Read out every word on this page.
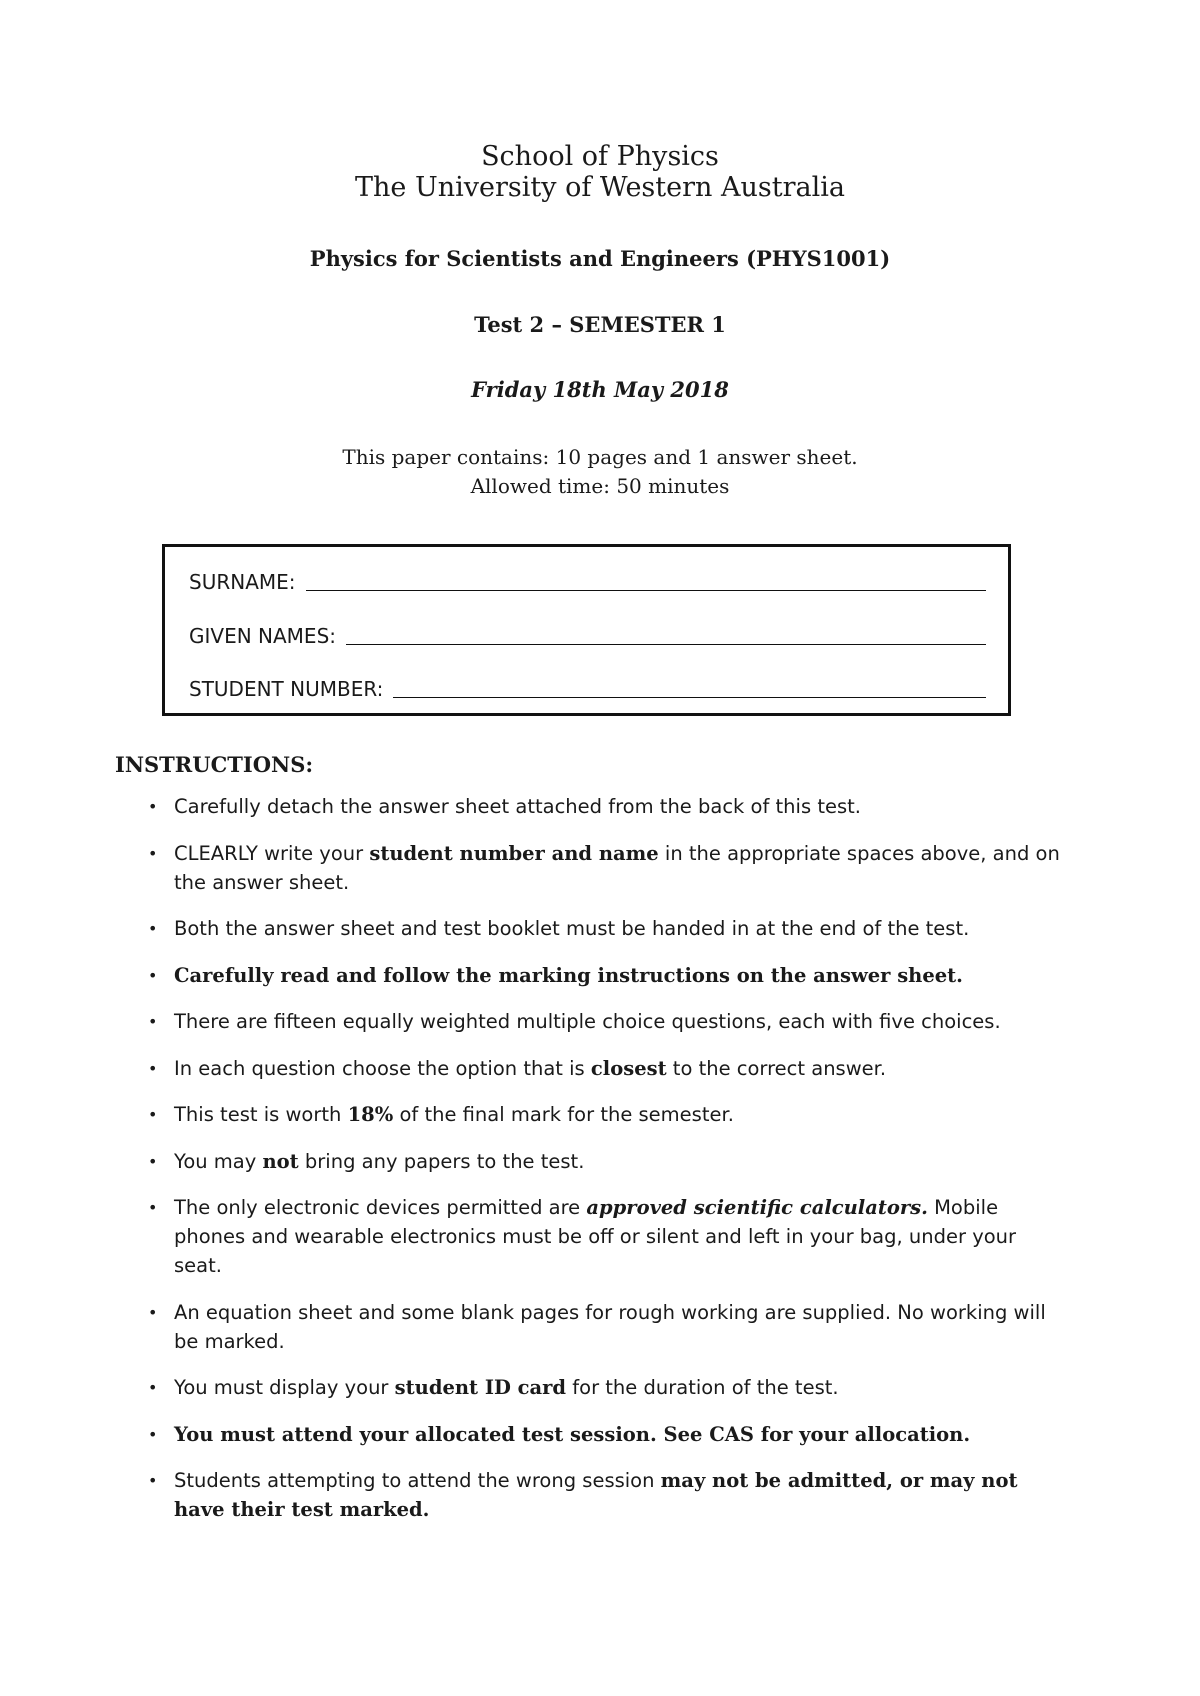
School of Physics
The University of Western Australia
Physics for Scientists and Engineers (PHYS1001)
Test 2 – SEMESTER 1
Friday 18th May 2018
This paper contains: 10 pages and 1 answer sheet.
Allowed time: 50 minutes
SURNAME:
GIVEN NAMES:
STUDENT NUMBER:
INSTRUCTIONS:
• Carefully detach the answer sheet attached from the back of this test.
• CLEARLY write your student number and name in the appropriate spaces above, and on the answer sheet.
• Both the answer sheet and test booklet must be handed in at the end of the test.
• Carefully read and follow the marking instructions on the answer sheet.
• There are fifteen equally weighted multiple choice questions, each with five choices.
• In each question choose the option that is closest to the correct answer.
• This test is worth 18% of the final mark for the semester.
• You may not bring any papers to the test.
• The only electronic devices permitted are approved scientific calculators. Mobile phones and wearable electronics must be off or silent and left in your bag, under your seat.
• An equation sheet and some blank pages for rough working are supplied. No working will be marked.
• You must display your student ID card for the duration of the test.
• You must attend your allocated test session. See CAS for your allocation.
• Students attempting to attend the wrong session may not be admitted, or may not have their test marked.
